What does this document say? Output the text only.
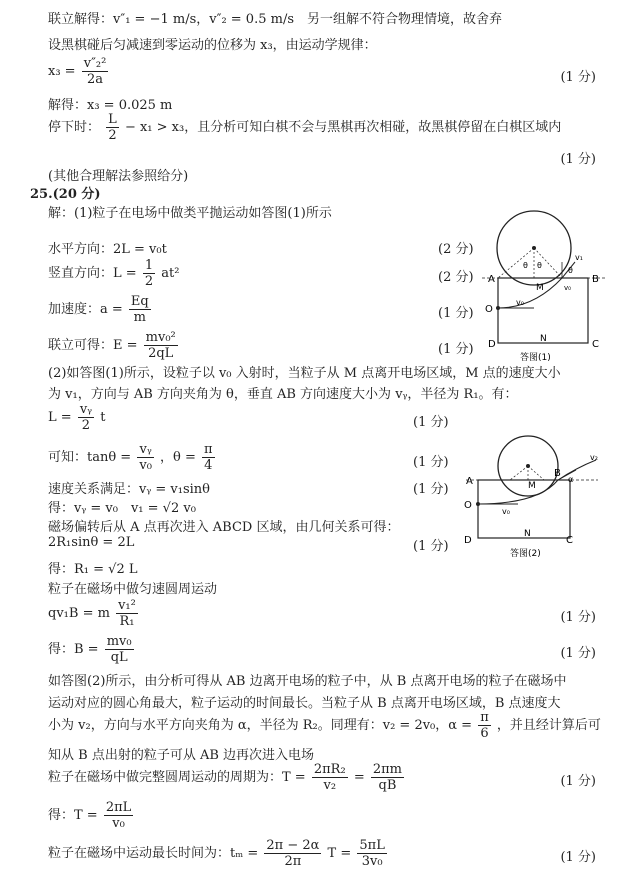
联立解得：v″₁ = −1 m/s，v″₂ = 0.5 m/s　另一组解不符合物理情境，故舍弃
设黑棋碰后匀减速到零运动的位移为 x₃，由运动学规律：
$x_3 = \frac{\text{v″₂²}}{2a}$	(1 分)
解得：x₃ = 0.025 m
停下时： $\frac{L}{2} - x_1 > x_3$，且分析可知白棋不会与黑棋再次相碰，故黑棋停留在白棋区域内
(1 分)
(其他合理解法参照给分)
25.(20 分)
解：(1)粒子在电场中做类平抛运动如答图(1)所示
水平方向：2L = v₀t	(2 分)
竖直方向：$L = \frac{1}{2} at^2$	(2 分)
加速度：$a = \frac{Eq}{m}$	(1 分)
联立可得：$E = \frac{\text{mv₀²}}{2qL}$	(1 分)
A	B
C
D
M
N
O
v₀
v₀
v₁
θ θ
θ
答图(1)
(2)如答图(1)所示，设粒子以 v₀ 入射时，当粒子从 M 点离开电场区域，M 点的速度大小
为 v₁，方向与 AB 方向夹角为 θ，垂直 AB 方向速度大小为 vᵧ，半径为 R₁。有：
$L = \frac{\text{vᵧ}}{2}$ t	(1 分)
可知：$\tan\theta = \frac{\text{vᵧ}}{\text{v₀}}$ ，$\theta = \frac{\pi}{4}$	(1 分)
速度关系满足：vᵧ = v₁sinθ	(1 分)
得：vᵧ = v₀　v₁ = √2 v₀
磁场偏转后从 A 点再次进入 ABCD 区域，由几何关系可得：
2R₁sinθ = 2L	(1 分)
得：R₁ = √2 L
粒子在磁场中做匀速圆周运动
A
B
C
D
M
N
O
v₀
v₂
α
答图(2)
qv₁B = m $\frac{\text{v₁²}}{\text{R₁}}$	(1 分)
得：$B = \frac{\text{mv₀}}{qL}$	(1 分)
如答图(2)所示，由分析可得从 AB 边离开电场的粒子中，从 B 点离开电场的粒子在磁场中
运动对应的圆心角最大，粒子运动的时间最长。当粒子从 B 点离开电场区域，B 点速度大
小为 v₂，方向与水平方向夹角为 α，半径为 R₂。同理有：v₂ = 2v₀，$\alpha = \frac{\pi}{6}$ ，并且经计算后可
知从 B 点出射的粒子可从 AB 边再次进入电场
粒子在磁场中做完整圆周运动的周期为：$T = \frac{\text{2πR₂}}{\text{v₂}} = \frac{2\pi m}{qB}$	(1 分)
得：$T = \frac{2\pi L}{\text{v₀}}$
粒子在磁场中运动最长时间为：$t_m = \frac{2\pi - 2\alpha}{2\pi}$ $T = \frac{5\pi L}{\text{3v₀}}$	(1 分)
